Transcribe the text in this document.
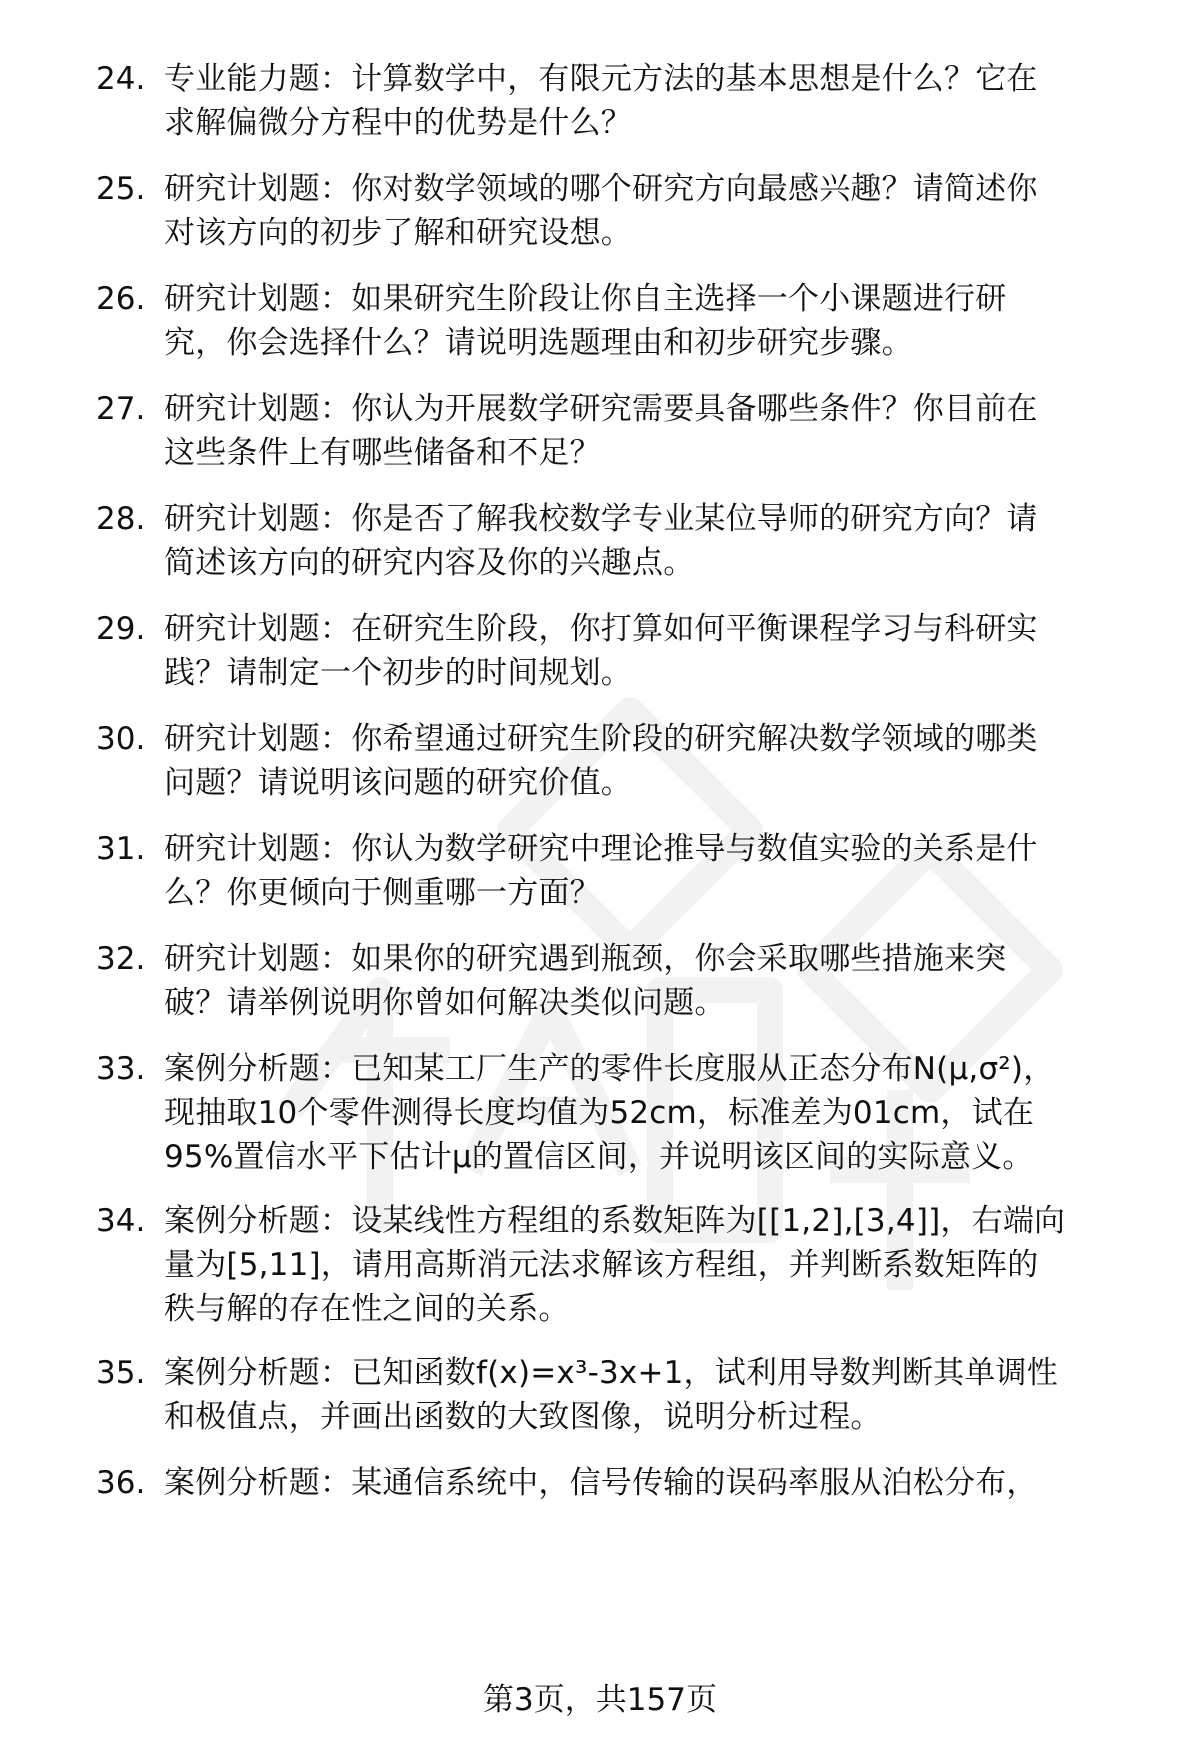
24. 专业能力题：计算数学中，有限元方法的基本思想是什么？它在
求解偏微分方程中的优势是什么？
25. 研究计划题：你对数学领域的哪个研究方向最感兴趣？请简述你
对该方向的初步了解和研究设想。
26. 研究计划题：如果研究生阶段让你自主选择一个小课题进行研
究，你会选择什么？请说明选题理由和初步研究步骤。
27. 研究计划题：你认为开展数学研究需要具备哪些条件？你目前在
这些条件上有哪些储备和不足？
28. 研究计划题：你是否了解我校数学专业某位导师的研究方向？请
简述该方向的研究内容及你的兴趣点。
29. 研究计划题：在研究生阶段，你打算如何平衡课程学习与科研实
践？请制定一个初步的时间规划。
30. 研究计划题：你希望通过研究生阶段的研究解决数学领域的哪类
问题？请说明该问题的研究价值。
31. 研究计划题：你认为数学研究中理论推导与数值实验的关系是什
么？你更倾向于侧重哪一方面？
32. 研究计划题：如果你的研究遇到瓶颈，你会采取哪些措施来突
破？请举例说明你曾如何解决类似问题。
33. 案例分析题：已知某工厂生产的零件长度服从正态分布N(μ,σ²)，
现抽取10个零件测得长度均值为52cm，标准差为01cm，试在
95%置信水平下估计μ的置信区间，并说明该区间的实际意义。
34. 案例分析题：设某线性方程组的系数矩阵为[[1,2],[3,4]]，右端向
量为[5,11]，请用高斯消元法求解该方程组，并判断系数矩阵的
秩与解的存在性之间的关系。
35. 案例分析题：已知函数f(x)=x³-3x+1，试利用导数判断其单调性
和极值点，并画出函数的大致图像，说明分析过程。
36. 案例分析题：某通信系统中，信号传输的误码率服从泊松分布，
第3页，共157页
